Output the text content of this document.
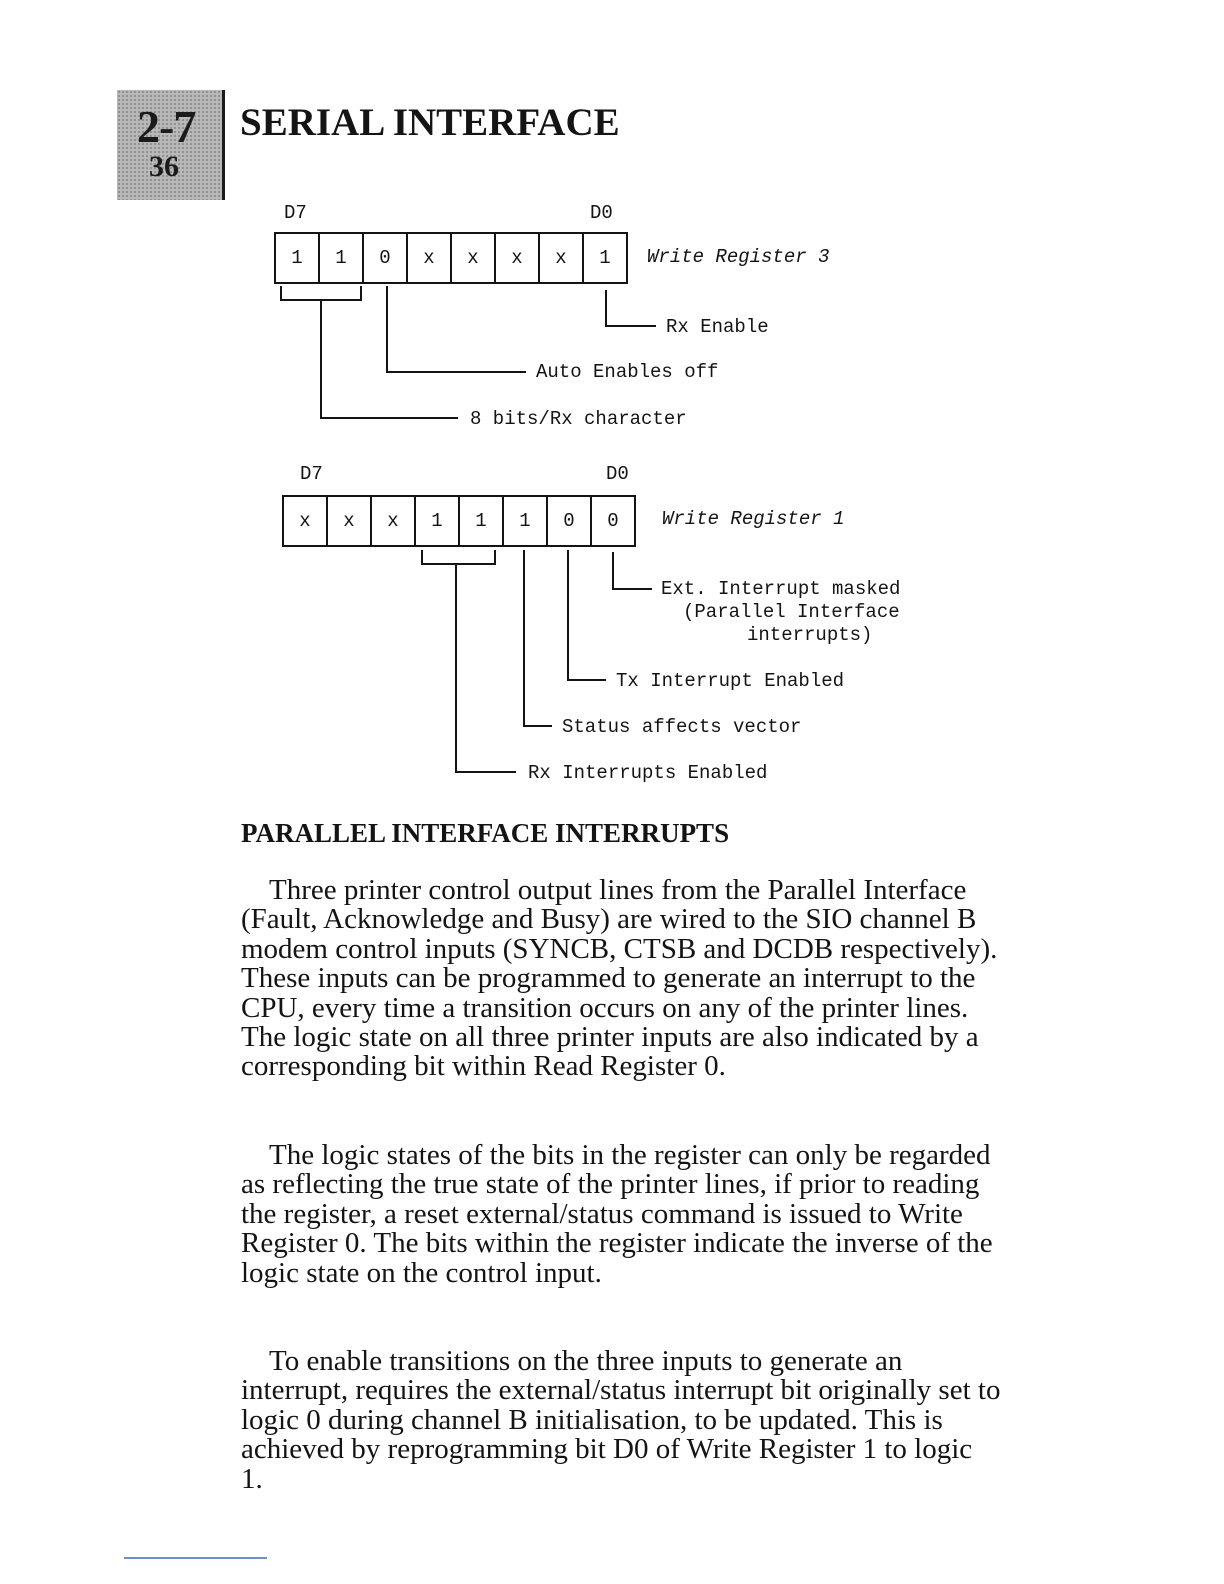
2-7
36
SERIAL INTERFACE
D7	D0
1	1	0	x	x	x	x	1	Write Register 3
Rx Enable
Auto Enables off
8 bits/Rx character
D7	D0
x	x	x	1	1	1	0	0	Write Register 1
Ext. Interrupt masked
(Parallel Interface
interrupts)
Tx Interrupt Enabled
Status affects vector
Rx Interrupts Enabled
PARALLEL INTERFACE INTERRUPTS

Three printer control output lines from the Parallel Interface (Fault, Acknowledge and Busy) are wired to the SIO channel B modem control inputs (SYNCB, CTSB and DCDB respectively). These inputs can be programmed to generate an interrupt to the CPU, every time a transition occurs on any of the printer lines. The logic state on all three printer inputs are also indicated by a corresponding bit within Read Register 0.

The logic states of the bits in the register can only be regarded as reflecting the true state of the printer lines, if prior to reading the register, a reset external/status command is issued to Write Register 0. The bits within the register indicate the inverse of the logic state on the control input.

To enable transitions on the three inputs to generate an interrupt, requires the external/status interrupt bit originally set to logic 0 during channel B initialisation, to be updated. This is achieved by reprogramming bit D0 of Write Register 1 to logic 1.
